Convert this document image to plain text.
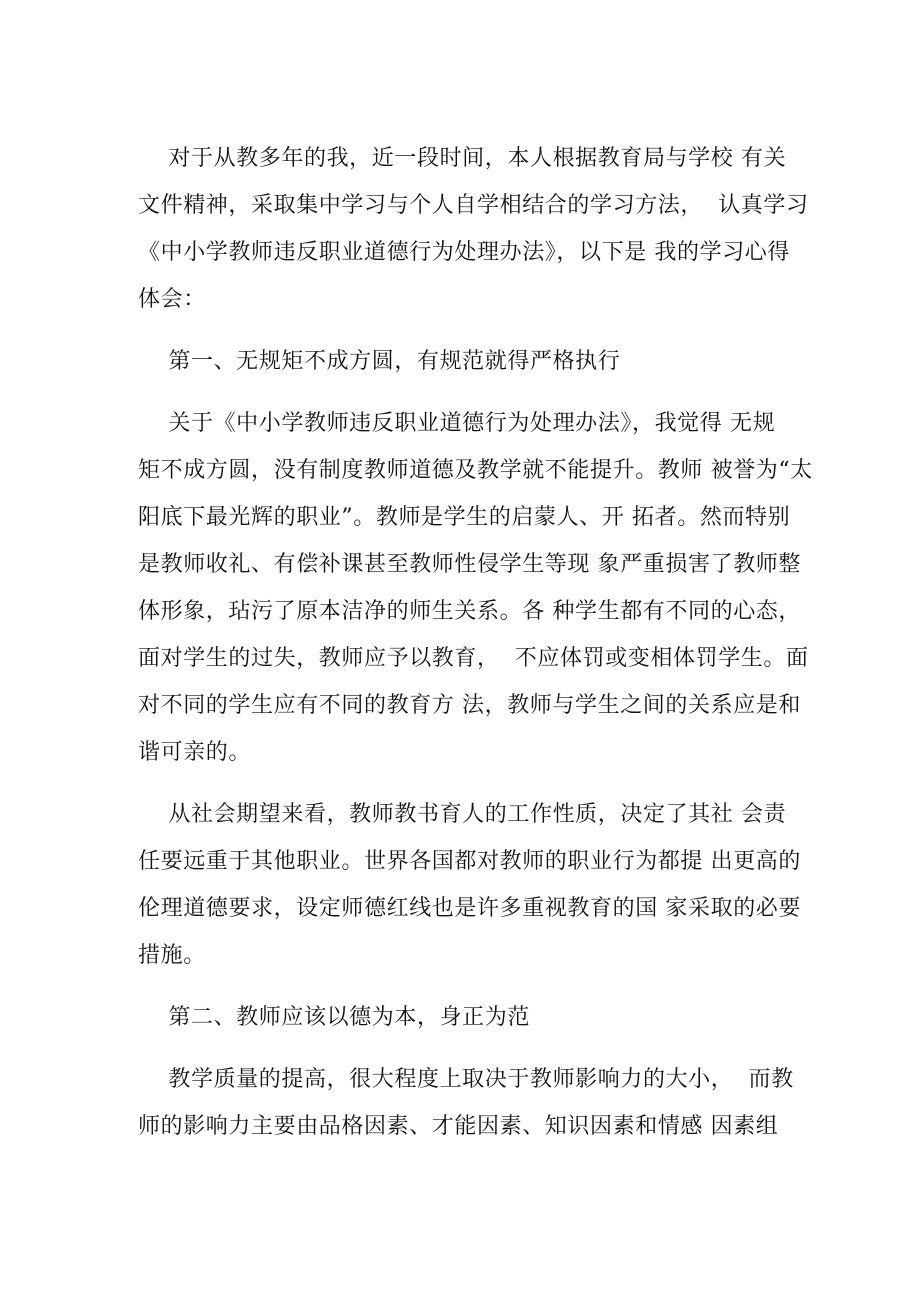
对于从教多年的我，近一段时间，本人根据教育局与学校 有关
文件精神，采取集中学习与个人自学相结合的学习方法，  认真学习
《中小学教师违反职业道德行为处理办法》，以下是 我的学习心得
体会：
第一、无规矩不成方圆，有规范就得严格执行
关于《中小学教师违反职业道德行为处理办法》，我觉得 无规
矩不成方圆，没有制度教师道德及教学就不能提升。教师 被誉为“太
阳底下最光辉的职业”。教师是学生的启蒙人、开 拓者。然而特别
是教师收礼、有偿补课甚至教师性侵学生等现 象严重损害了教师整
体形象，玷污了原本洁净的师生关系。各 种学生都有不同的心态，
面对学生的过失，教师应予以教育，  不应体罚或变相体罚学生。面
对不同的学生应有不同的教育方 法，教师与学生之间的关系应是和
谐可亲的。
从社会期望来看，教师教书育人的工作性质，决定了其社 会责
任要远重于其他职业。世界各国都对教师的职业行为都提 出更高的
伦理道德要求，设定师德红线也是许多重视教育的国 家采取的必要
措施。
第二、教师应该以德为本，身正为范
教学质量的提高，很大程度上取决于教师影响力的大小，  而教
师的影响力主要由品格因素、才能因素、知识因素和情感 因素组
